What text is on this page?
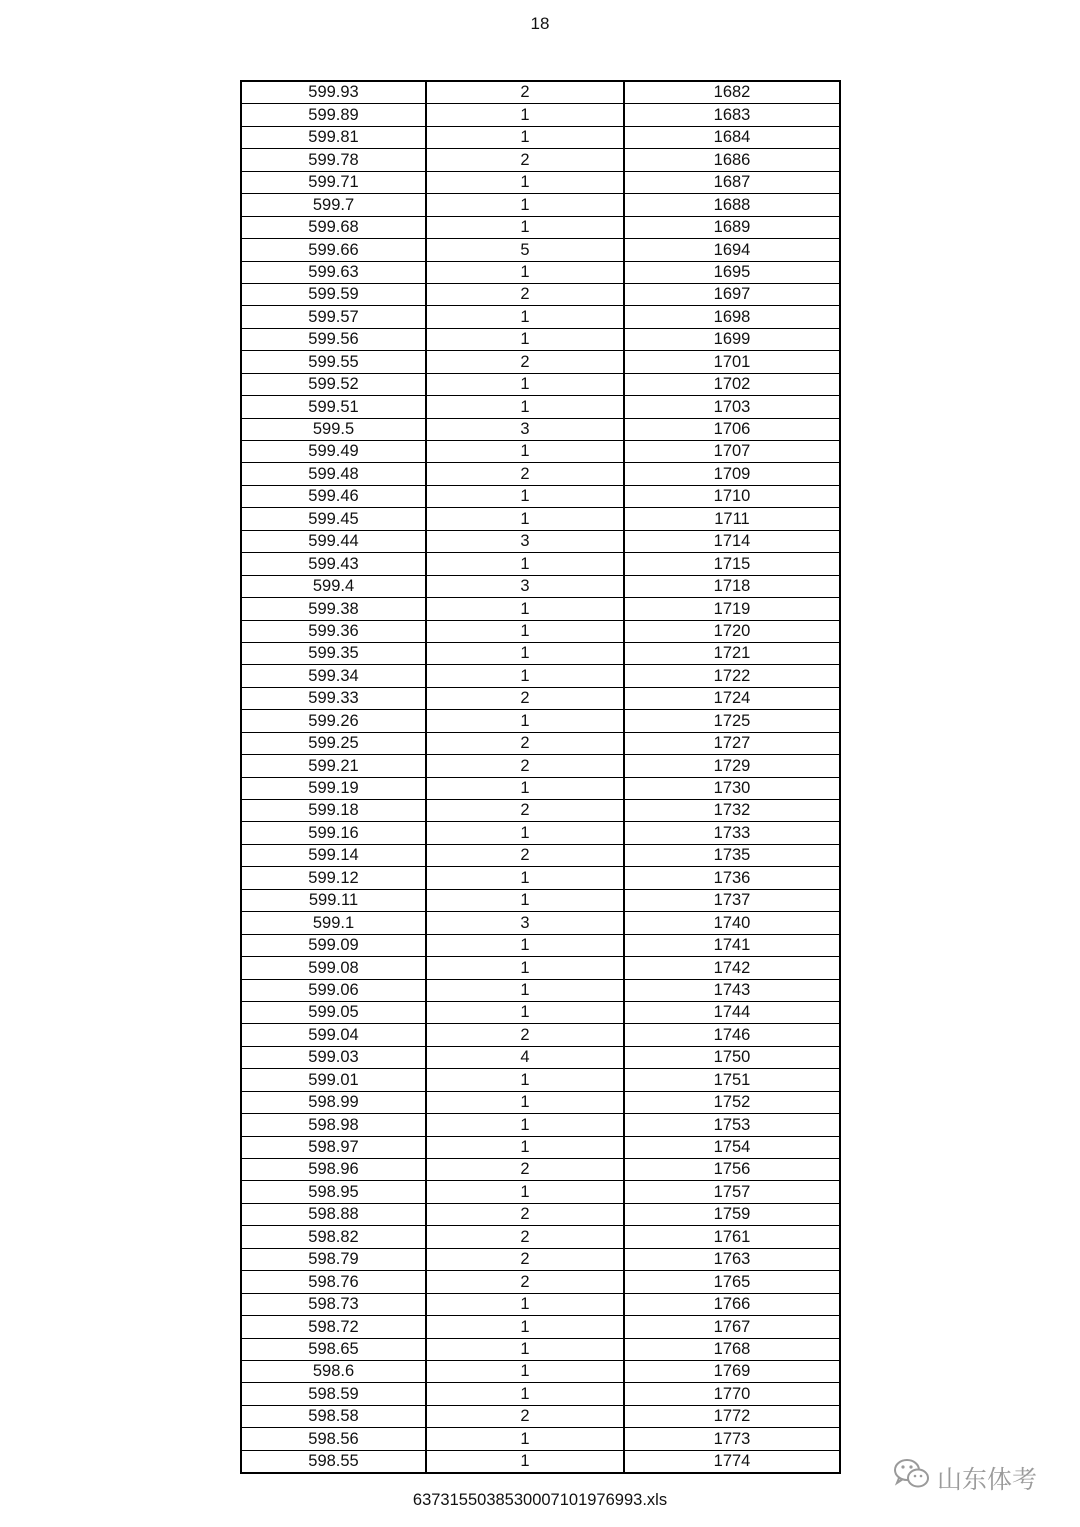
18
599.93	2	1682
599.89	1	1683
599.81	1	1684
599.78	2	1686
599.71	1	1687
599.7	1	1688
599.68	1	1689
599.66	5	1694
599.63	1	1695
599.59	2	1697
599.57	1	1698
599.56	1	1699
599.55	2	1701
599.52	1	1702
599.51	1	1703
599.5	3	1706
599.49	1	1707
599.48	2	1709
599.46	1	1710
599.45	1	1711
599.44	3	1714
599.43	1	1715
599.4	3	1718
599.38	1	1719
599.36	1	1720
599.35	1	1721
599.34	1	1722
599.33	2	1724
599.26	1	1725
599.25	2	1727
599.21	2	1729
599.19	1	1730
599.18	2	1732
599.16	1	1733
599.14	2	1735
599.12	1	1736
599.11	1	1737
599.1	3	1740
599.09	1	1741
599.08	1	1742
599.06	1	1743
599.05	1	1744
599.04	2	1746
599.03	4	1750
599.01	1	1751
598.99	1	1752
598.98	1	1753
598.97	1	1754
598.96	2	1756
598.95	1	1757
598.88	2	1759
598.82	2	1761
598.79	2	1763
598.76	2	1765
598.73	1	1766
598.72	1	1767
598.65	1	1768
598.6	1	1769
598.59	1	1770
598.58	2	1772
598.56	1	1773
598.55	1	1774
637315503853000710197699​3.xls
山东体考
